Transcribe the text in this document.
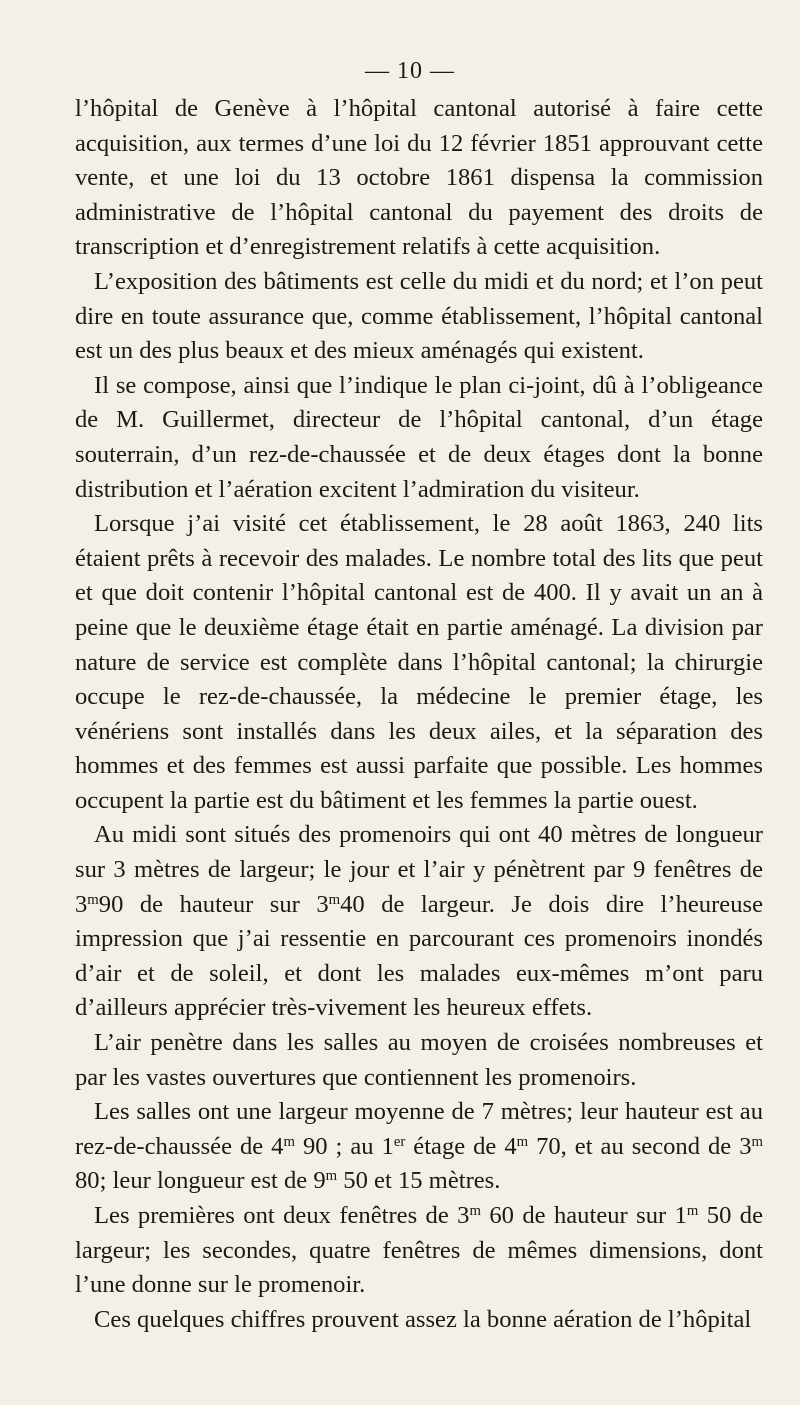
— 10 —

l’hôpital de Genève à l’hôpital cantonal autorisé à faire cette acquisition, aux termes d’une loi du 12 février 1851 approuvant cette vente, et une loi du 13 octobre 1861 dispensa la commission administrative de l’hôpital cantonal du payement des droits de transcription et d’enregistrement relatifs à cette acquisition.

L’exposition des bâtiments est celle du midi et du nord; et l’on peut dire en toute assurance que, comme établissement, l’hôpital cantonal est un des plus beaux et des mieux aménagés qui existent.

Il se compose, ainsi que l’indique le plan ci-joint, dû à l’obligeance de M. Guillermet, directeur de l’hôpital cantonal, d’un étage souterrain, d’un rez-de-chaussée et de deux étages dont la bonne distribution et l’aération excitent l’admiration du visiteur.

Lorsque j’ai visité cet établissement, le 28 août 1863, 240 lits étaient prêts à recevoir des malades. Le nombre total des lits que peut et que doit contenir l’hôpital cantonal est de 400. Il y avait un an à peine que le deuxième étage était en partie aménagé. La division par nature de service est complète dans l’hôpital cantonal; la chirurgie occupe le rez-de-chaussée, la médecine le premier étage, les vénériens sont installés dans les deux ailes, et la séparation des hommes et des femmes est aussi parfaite que possible. Les hommes occupent la partie est du bâtiment et les femmes la partie ouest.

Au midi sont situés des promenoirs qui ont 40 mètres de longueur sur 3 mètres de largeur; le jour et l’air y pénètrent par 9 fenêtres de 3$^m$90 de hauteur sur 3$^m$40 de largeur. Je dois dire l’heureuse impression que j’ai ressentie en parcourant ces promenoirs inondés d’air et de soleil, et dont les malades eux-mêmes m’ont paru d’ailleurs apprécier très-vivement les heureux effets.

L’air penètre dans les salles au moyen de croisées nombreuses et par les vastes ouvertures que contiennent les promenoirs.

Les salles ont une largeur moyenne de 7 mètres; leur hauteur est au rez-de-chaussée de 4$^m$ 90 ; au 1er étage de 4$^m$ 70, et au second de 3$^m$ 80; leur longueur est de 9$^m$ 50 et 15 mètres.

Les premières ont deux fenêtres de 3$^m$ 60 de hauteur sur 1$^m$ 50 de largeur; les secondes, quatre fenêtres de mêmes dimensions, dont l’une donne sur le promenoir.

Ces quelques chiffres prouvent assez la bonne aération de l’hôpital
